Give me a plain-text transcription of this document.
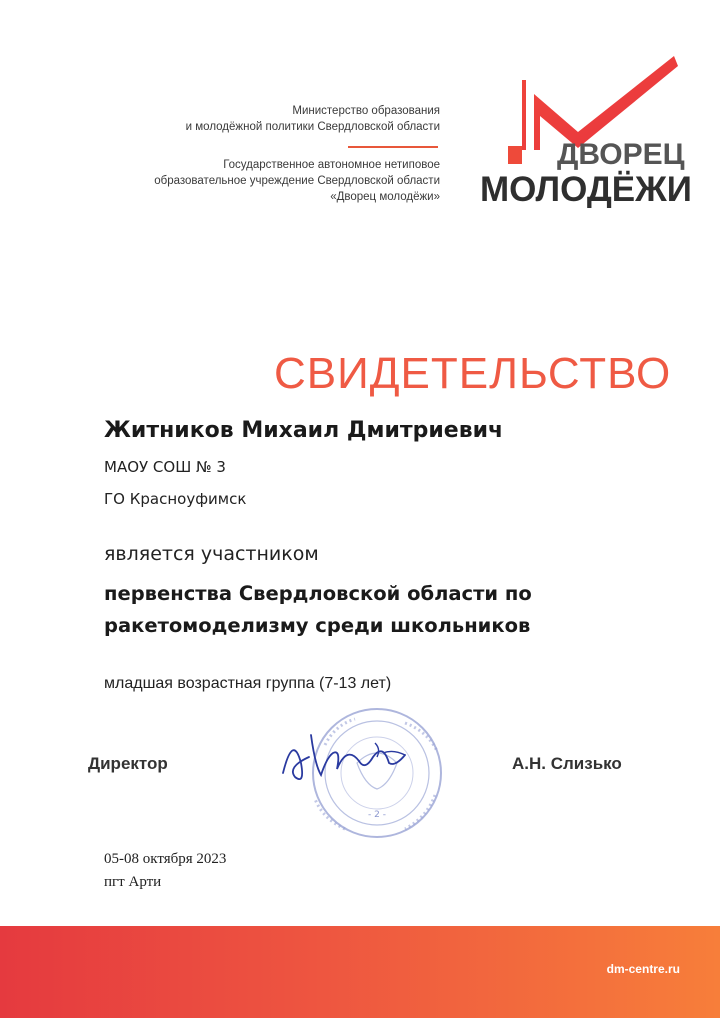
Министерство образования
и молодёжной политики Свердловской области
Государственное автономное нетиповое
образовательное учреждение Свердловской области
«Дворец молодёжи»
ДВОРЕЦ
МОЛОДЁЖИ
СВИДЕТЕЛЬСТВО
Житников Михаил Дмитриевич
МАОУ СОШ № 3
ГО Красноуфимск
является участником
первенства Свердловской области по
ракетомоделизму среди школьников
младшая возрастная группа (7-13 лет)
- 2 -
Директор	А.Н. Слизько
05-08 октября 2023
пгт Арти
dm-centre.ru
